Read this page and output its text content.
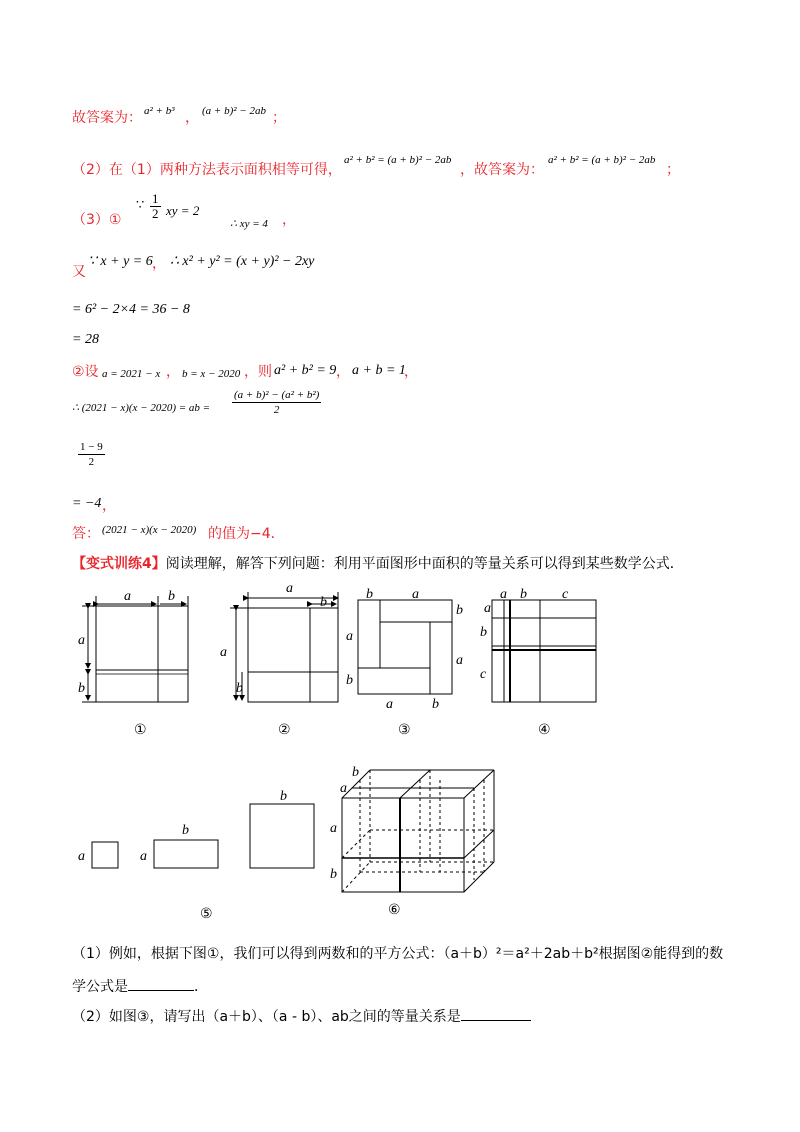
故答案为： a² + b³ ， (a + b)² − 2ab ；
（2）在（1）两种方法表示面积相等可得，
a² + b² = (a + b)² − 2ab
，故答案为：
a² + b² = (a + b)² − 2ab
；
（3）①
∵ $\frac{1}{2}$ xy = 2
∴ xy = 4 ，
又
∵ x + y = 6 ， ∴ x² + y² = (x + y)² − 2xy
= 6² − 2×4 = 36 − 8
= 28
②设 a = 2021 − x ， b = x − 2020 ，则 a² + b² = 9 ， a + b = 1
，
∴ (2021 − x)(x − 2020) = ab = $\frac{\text{(a + b)² − (a² + b²)}}{2}$
$\frac{1 - 9}{2}$
= −4 ，
答： (2021 − x)(x − 2020) 的值为−4．
【变式训练4】阅读理解，解答下列问题：利用平面图形中面积的等量关系可以得到某些数学公式．
a	b
a
b
a
b
a
b
b	a
b
a
a
b
a	b
a
a b	c
b
c
a	a
b
b
b
a
a
b
①	②	③	④
⑤	⑥
（1）例如，根据下图①，我们可以得到两数和的平方公式：（a＋b）²＝a²＋2ab＋b²根据图②能得到的数
学公式是	．
（2）如图③，请写出（a＋b）、（a - b）、ab之间的等量关系是
